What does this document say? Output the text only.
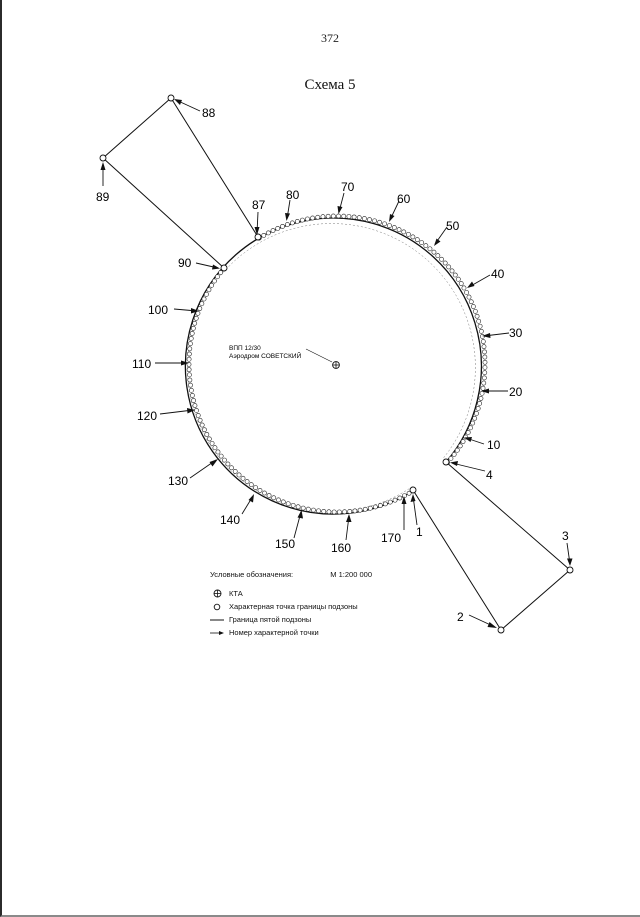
372
Схема 5
ВПП 12/30
Аэродром СОВЕТСКИЙ
1
170
160
150
140
130
120
110
100
90
87
80
70
60
50
40
30
20
10
4
2
3
88
89
Условные обозначения:	М 1:200 000
КТА
Характерная точка границы подзоны
Граница пятой подзоны
Номер характерной точки
